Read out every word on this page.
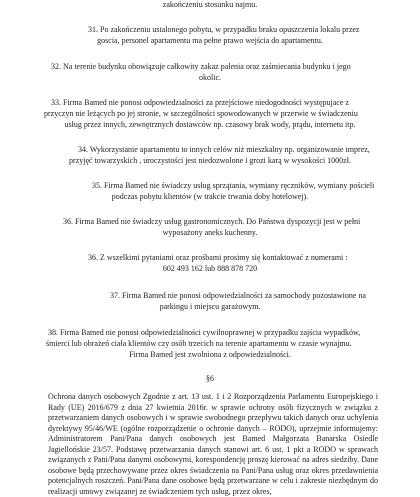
zakończeniu stosunku najmu.
31. Po zakończeniu ustalonego pobytu, w przypadku braku opuszczenia lokalu przez
goscia, personel apartamentu ma pełne prawo wejścia do apartamentu.
32. Na terenie budynku obowiązuje całkowity zakaz palenia oraz zaśmiecania budynku i jego
okolic.
33. Firma Bamed nie ponosi odpowiedzialności za przejściowe niedogodności występujace z
przyczyn nie leżących po jej stronie, w szczególności spowodowanych w przerwie w świadczeniu
usług przez innych, zewnętrznych dostawców np. czasowy brak wody, prądu, internetu itp.
34. Wykorzystanie apartamentu to innych celów niż mieszkalny np. organizowanie imprez,
przyjęć towarzyskich , uroczystości jest niedozwolone i grozi karą w wysokości 1000zł.
35. Firma Bamed nie świadczy usług sprzątania, wymiany ręczników, wymiany pościeli
podczas pobytu klientów (w trakcie trwania doby hotelowej).
36. Firma Bamed nie świadczy usług gastronomicznych. Do Państwa dyspozycji jest w pełni
wyposażony aneks kuchenny.
36. Z wszelkimi pytaniami oraz prośbami prosimy się kontaktować z numerami :
602 493 162 lub 888 878 720
37. Firma Bamed nie ponosi odpowiedzialności za samochody pozostawione na
parkingu i miejscu garażowym.
38. Firma Bamed nie ponosi odpowiedzialności cywilnoprawnej w przypadku zajścia wypadków,
śmierci lub obrażeń ciała klientów czy osób trzecich na terenie apartamentu w czasie wynajmu.
Firma Bamed jest zwolniona z odpowiedzialności.
§6
Ochrona danych osobowych Zgodnie z art. 13 ust. 1 i 2 Rozporządzenia Parlamentu Europejskiego i Rady (UE) 2016/679 z dnia 27 kwietnia 2016r. w sprawie ochrony osób fizycznych w związku z przetwarzaniem danych osobowych i w sprawie swobodnego przepływu takich danych oraz uchylenia dyrektywy 95/46/WE (ogólne rozporządzenie o ochronie danych – RODO), uprzejmie informujemy: Administratorem Pani/Pana danych osobowych jest Bamed Małgorzata Banarska Osiedle Jagiellońskie 23/57. Podstawę przetwarzania danych stanowi art. 6 ust. 1 pkt a RODO w sprawach związanych z Pani/Pana danymi osobowymi, korespondencję proszę kierować na adres siedziby. Dane osobowe będą przechowywane przez okres świadczenia na Pani/Pana usług oraz okres przedawnienia potencjalnych roszczeń. Pani/Pana dane osobowe będą przetwarzane w celu i zakresie niezbędnym do realizacji umowy związanej ze świadczeniem tych usług, przez okres,
